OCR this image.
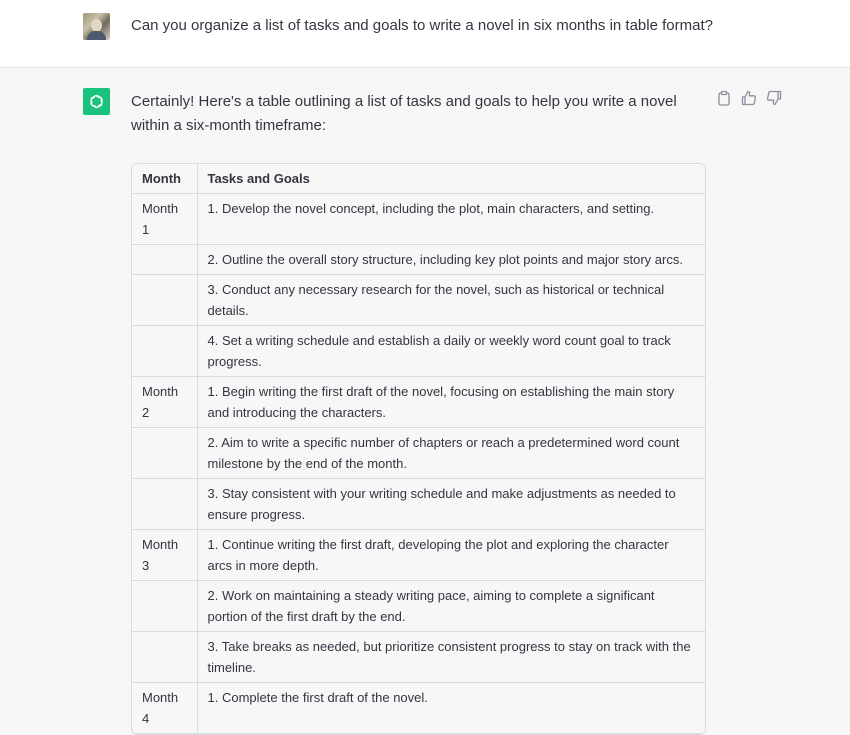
Can you organize a list of tasks and goals to write a novel in six months in table format?
Certainly! Here's a table outlining a list of tasks and goals to help you write a novel within a six-month timeframe:
Month	Tasks and Goals
Month 1	1. Develop the novel concept, including the plot, main characters, and setting.
	2. Outline the overall story structure, including key plot points and major story arcs.
	3. Conduct any necessary research for the novel, such as historical or technical details.
	4. Set a writing schedule and establish a daily or weekly word count goal to track progress.
Month 2	1. Begin writing the first draft of the novel, focusing on establishing the main story and introducing the characters.
	2. Aim to write a specific number of chapters or reach a predetermined word count milestone by the end of the month.
	3. Stay consistent with your writing schedule and make adjustments as needed to ensure progress.
Month 3	1. Continue writing the first draft, developing the plot and exploring the character arcs in more depth.
	2. Work on maintaining a steady writing pace, aiming to complete a significant portion of the first draft by the end.
	3. Take breaks as needed, but prioritize consistent progress to stay on track with the timeline.
Month 4	1. Complete the first draft of the novel.
